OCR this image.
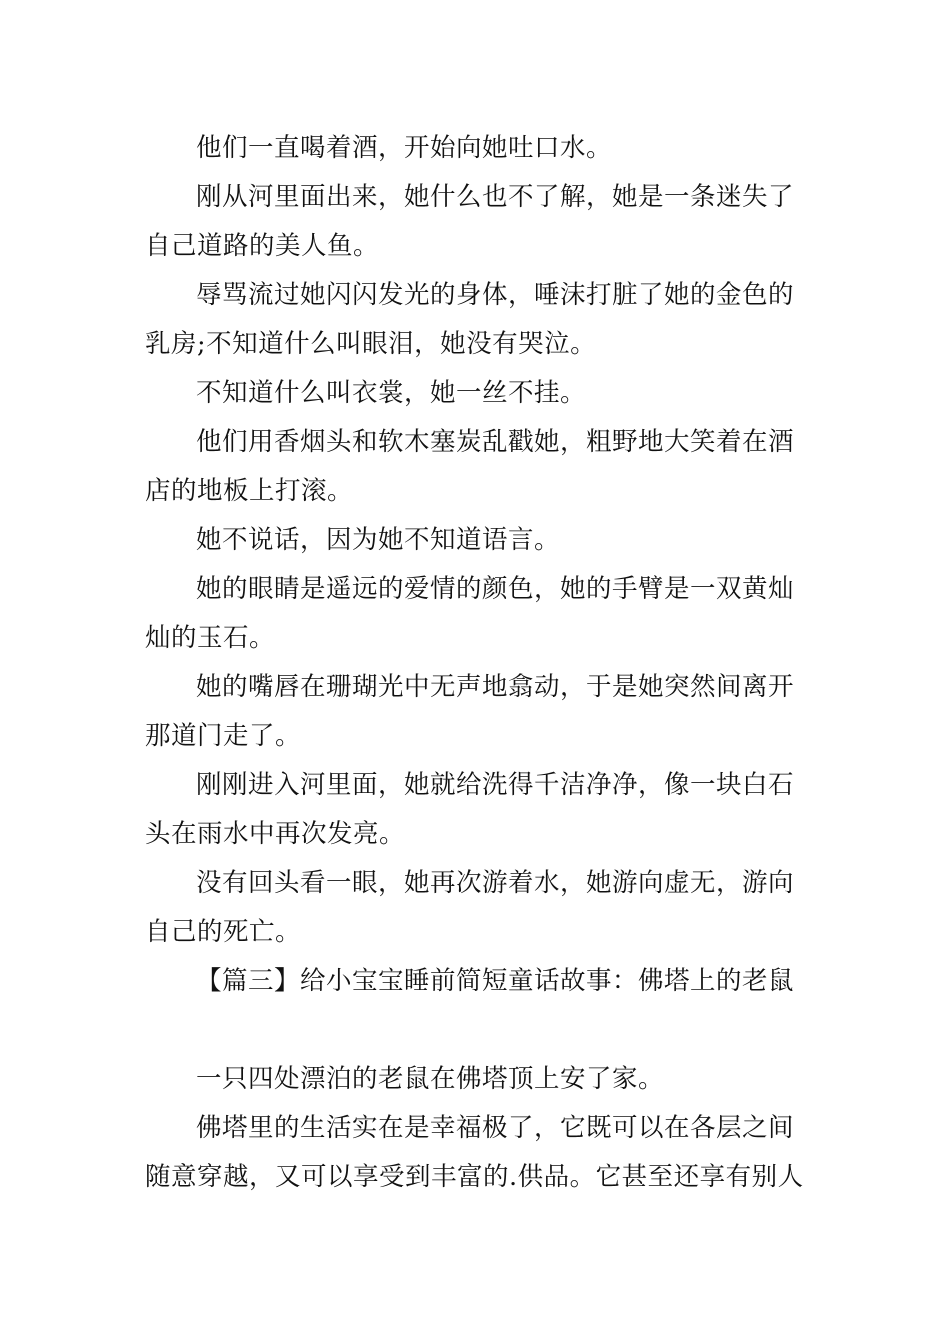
他们一直喝着酒，开始向她吐口水。
刚从河里面出来，她什么也不了解，她是一条迷失了
自己道路的美人鱼。
辱骂流过她闪闪发光的身体，唾沫打脏了她的金色的
乳房;不知道什么叫眼泪，她没有哭泣。
不知道什么叫衣裳，她一丝不挂。
他们用香烟头和软木塞炭乱戳她，粗野地大笑着在酒
店的地板上打滚。
她不说话，因为她不知道语言。
她的眼睛是遥远的爱情的颜色，她的手臂是一双黄灿
灿的玉石。
她的嘴唇在珊瑚光中无声地翕动，于是她突然间离开
那道门走了。
刚刚进入河里面，她就给洗得千洁净净，像一块白石
头在雨水中再次发亮。
没有回头看一眼，她再次游着水，她游向虚无，游向
自己的死亡。

【篇三】给小宝宝睡前简短童话故事：佛塔上的老鼠

一只四处漂泊的老鼠在佛塔顶上安了家。
佛塔里的生活实在是幸福极了，它既可以在各层之间
随意穿越，又可以享受到丰富的.供品。它甚至还享有别人
